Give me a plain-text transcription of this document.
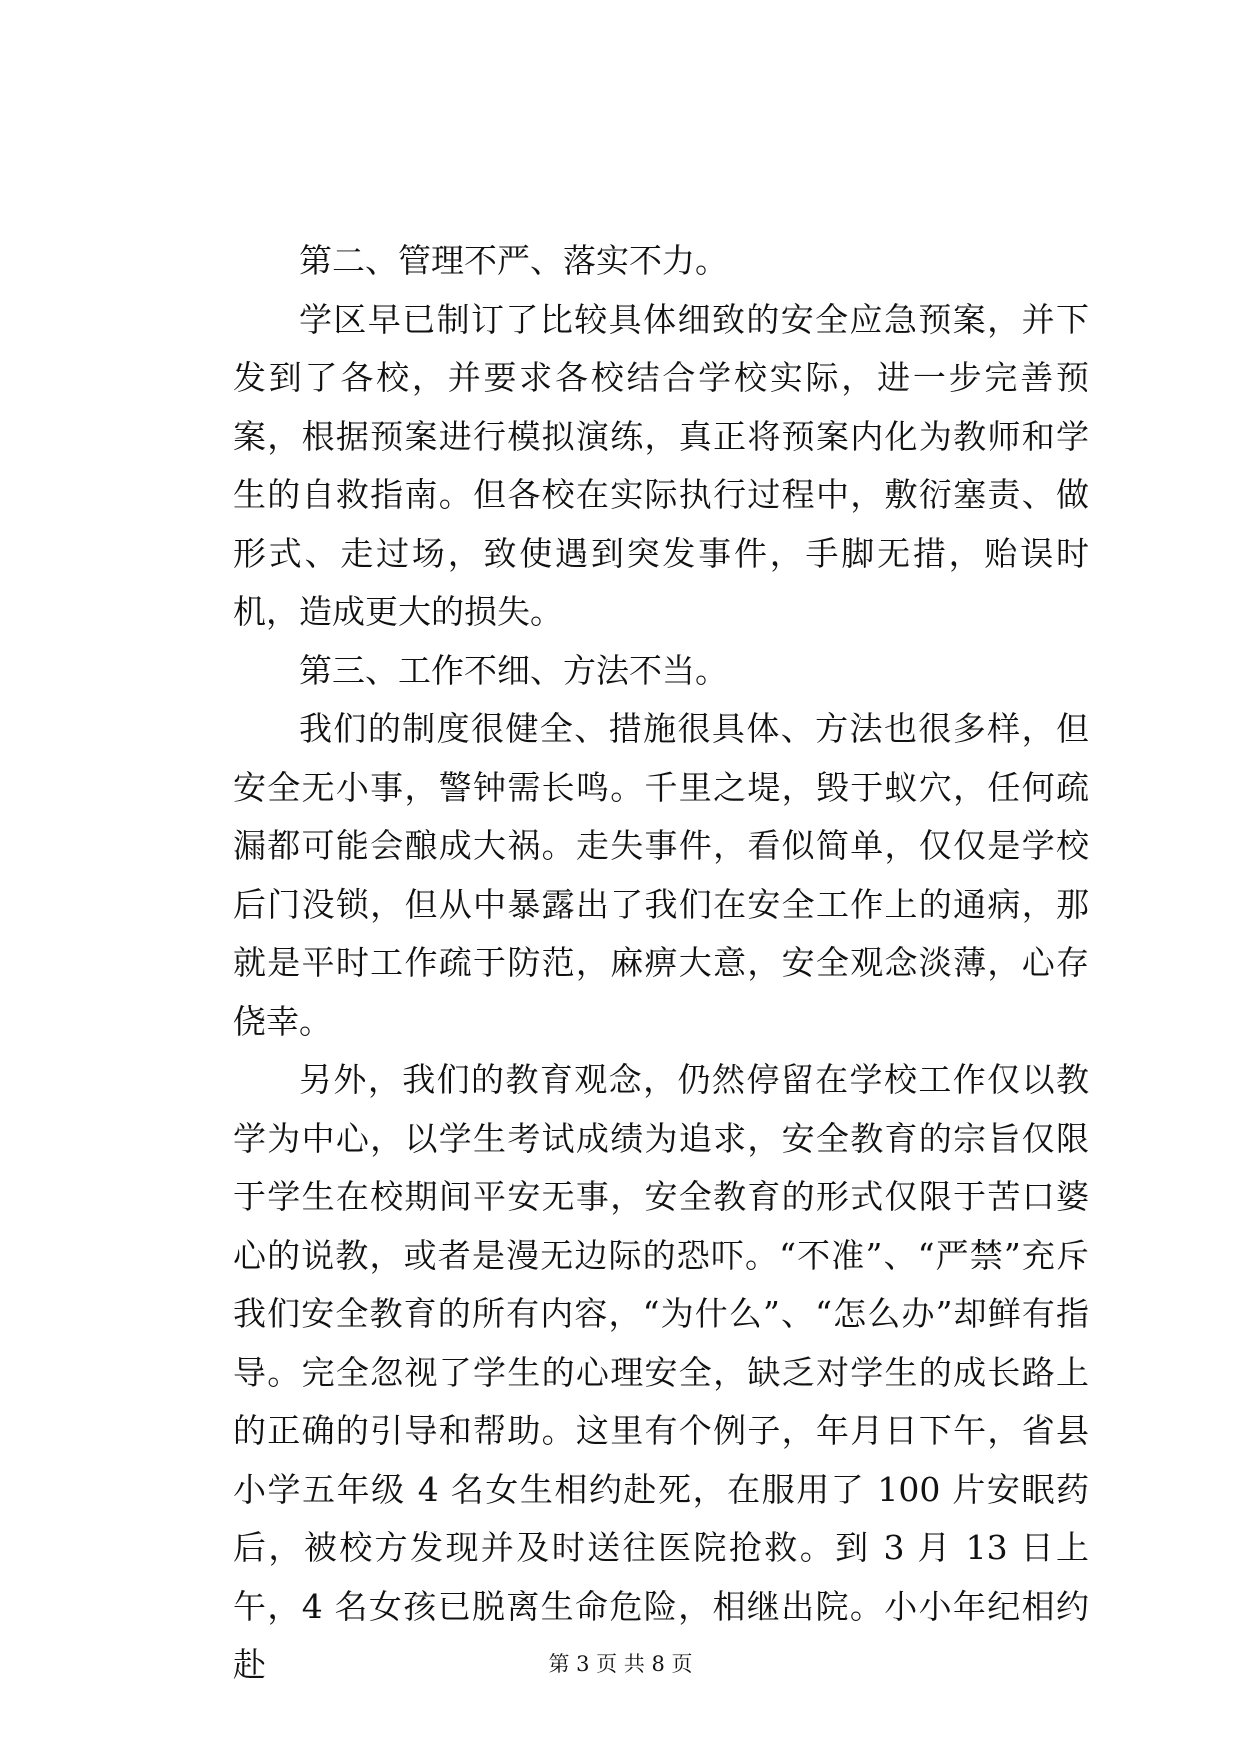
第二、管理不严、落实不力。

学区早已制订了比较具体细致的安全应急预案，并下发到了各校，并要求各校结合学校实际，进一步完善预案，根据预案进行模拟演练，真正将预案内化为教师和学生的自救指南。但各校在实际执行过程中，敷衍塞责、做形式、走过场，致使遇到突发事件，手脚无措，贻误时机，造成更大的损失。

第三、工作不细、方法不当。

我们的制度很健全、措施很具体、方法也很多样，但安全无小事，警钟需长鸣。千里之堤，毁于蚁穴，任何疏漏都可能会酿成大祸。走失事件，看似简单，仅仅是学校后门没锁，但从中暴露出了我们在安全工作上的通病，那就是平时工作疏于防范，麻痹大意，安全观念淡薄，心存侥幸。

另外，我们的教育观念，仍然停留在学校工作仅以教学为中心，以学生考试成绩为追求，安全教育的宗旨仅限于学生在校期间平安无事，安全教育的形式仅限于苦口婆心的说教，或者是漫无边际的恐吓。“不准”、“严禁”充斥我们安全教育的所有内容，“为什么”、“怎么办”却鲜有指导。完全忽视了学生的心理安全，缺乏对学生的成长路上的正确的引导和帮助。这里有个例子，年月日下午，省县小学五年级 4 名女生相约赴死，在服用了 100 片安眠药后，被校方发现并及时送往医院抢救。到 3 月 13 日上午，4 名女孩已脱离生命危险，相继出院。小小年纪相约赴	第 3 页 共 8 页
